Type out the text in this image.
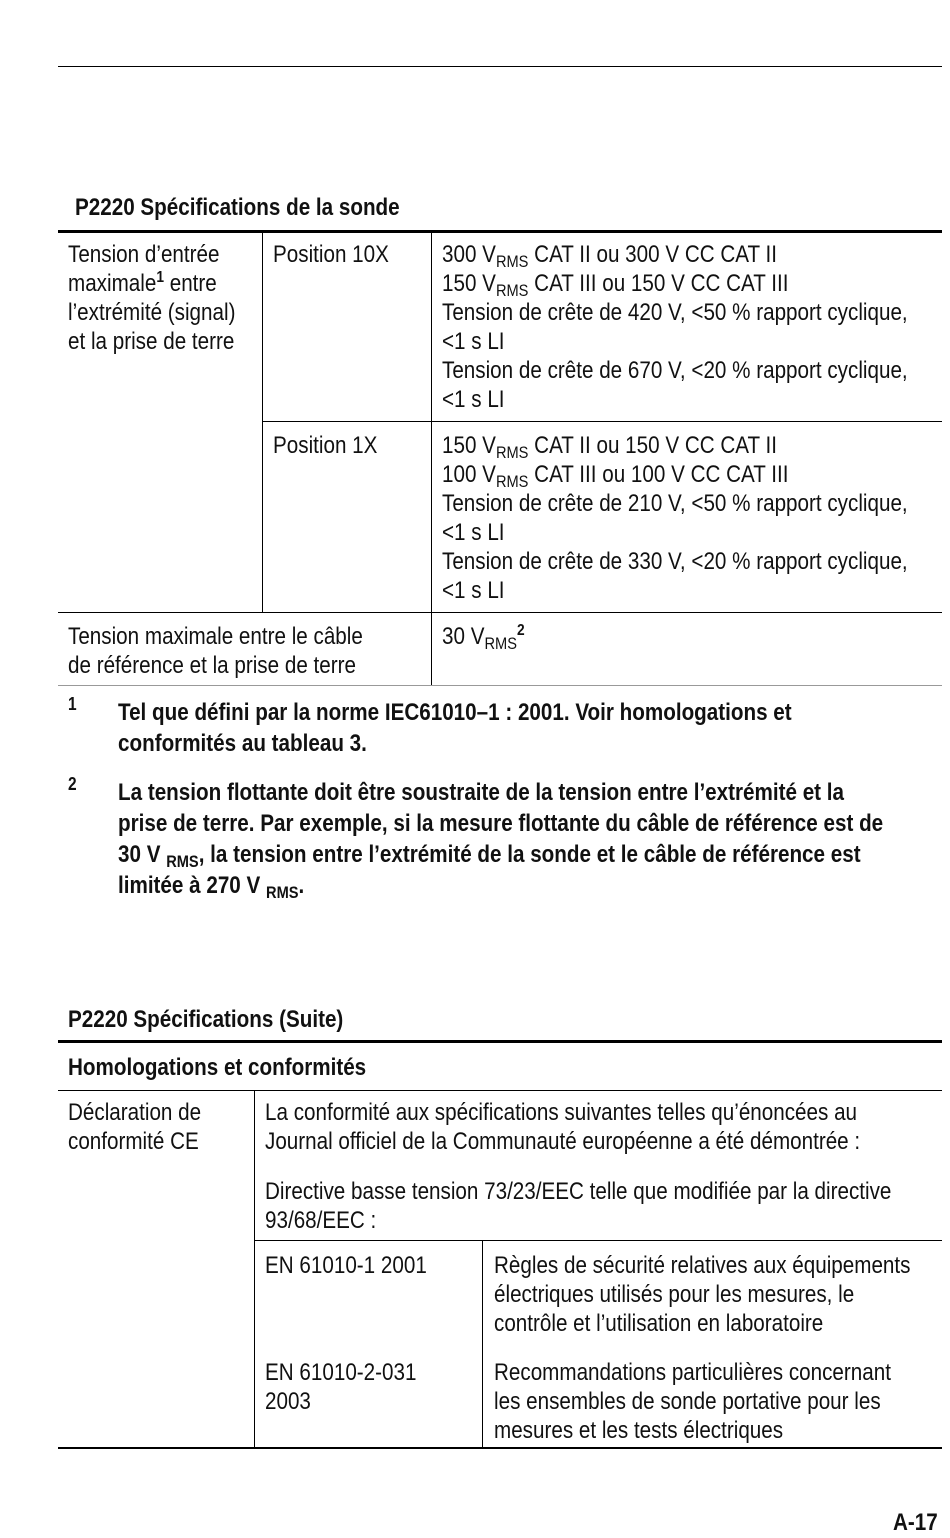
P2220 Spécifications de la sonde
Tension d’entrée
maximale$^1$ entre
l’extrémité (signal)
et la prise de terre
Position 10X 300 $V_{RMS}$ CAT II ou 300 V CC CAT II
150 $V_{RMS}$ CAT III ou 150 V CC CAT III
Tension de crête de 420 V, <50 % rapport cyclique,
<1 s LI
Tension de crête de 670 V, <20 % rapport cyclique,
<1 s LI
Position 1X	150 $V_{RMS}$ CAT II ou 150 V CC CAT II
100 $V_{RMS}$ CAT III ou 100 V CC CAT III
Tension de crête de 210 V, <50 % rapport cyclique,
<1 s LI
Tension de crête de 330 V, <20 % rapport cyclique,
<1 s LI
Tension maximale entre le câble
de référence et la prise de terre
30 $V_{RMS}^2$
1 Tel que défini par la norme IEC61010–1 : 2001. Voir homologations et
conformités au tableau 3.
2 La tension flottante doit être soustraite de la tension entre l’extrémité et la
prise de terre. Par exemple, si la mesure flottante du câble de référence est de
30 V $_{RMS}$, la tension entre l’extrémité de la sonde et le câble de référence est
limitée à 270 V $_{RMS}$.
P2220 Spécifications (Suite)
Homologations et conformités
Déclaration de
conformité CE
La conformité aux spécifications suivantes telles qu’énoncées au
Journal officiel de la Communauté européenne a été démontrée :
Directive basse tension 73/23/EEC telle que modifiée par la directive
93/68/EEC :
EN 61010-1 2001	Règles de sécurité relatives aux équipements
électriques utilisés pour les mesures, le
contrôle et l’utilisation en laboratoire
EN 61010-2-031
2003
Recommandations particulières concernant
les ensembles de sonde portative pour les
mesures et les tests électriques
A-17
